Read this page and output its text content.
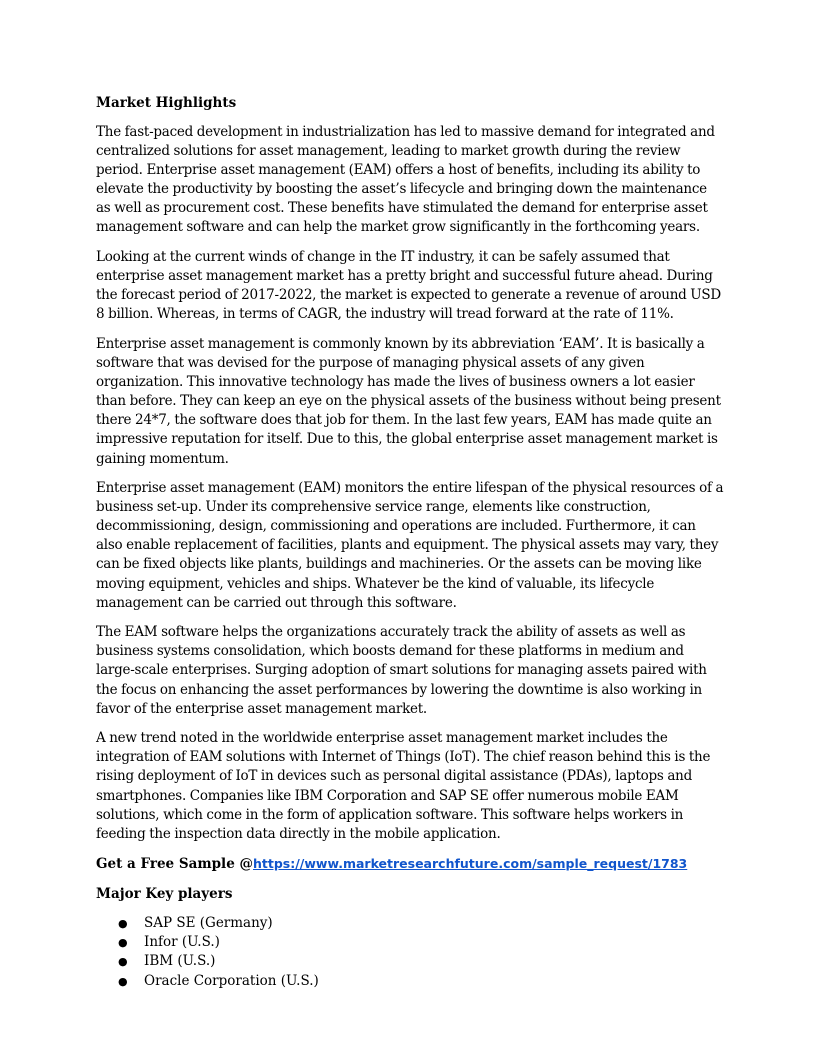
Market Highlights

The fast-paced development in industrialization has led to massive demand for integrated and centralized solutions for asset management, leading to market growth during the review period. Enterprise asset management (EAM) offers a host of benefits, including its ability to elevate the productivity by boosting the asset’s lifecycle and bringing down the maintenance as well as procurement cost. These benefits have stimulated the demand for enterprise asset management software and can help the market grow significantly in the forthcoming years.

Looking at the current winds of change in the IT industry, it can be safely assumed that enterprise asset management market has a pretty bright and successful future ahead. During the forecast period of 2017-2022, the market is expected to generate a revenue of around USD 8 billion. Whereas, in terms of CAGR, the industry will tread forward at the rate of 11%.

Enterprise asset management is commonly known by its abbreviation ‘EAM’. It is basically a software that was devised for the purpose of managing physical assets of any given organization. This innovative technology has made the lives of business owners a lot easier than before. They can keep an eye on the physical assets of the business without being present there 24*7, the software does that job for them. In the last few years, EAM has made quite an impressive reputation for itself. Due to this, the global enterprise asset management market is gaining momentum.

Enterprise asset management (EAM) monitors the entire lifespan of the physical resources of a business set-up. Under its comprehensive service range, elements like construction, decommissioning, design, commissioning and operations are included. Furthermore, it can also enable replacement of facilities, plants and equipment. The physical assets may vary, they can be fixed objects like plants, buildings and machineries. Or the assets can be moving like moving equipment, vehicles and ships. Whatever be the kind of valuable, its lifecycle management can be carried out through this software.

The EAM software helps the organizations accurately track the ability of assets as well as business systems consolidation, which boosts demand for these platforms in medium and large-scale enterprises. Surging adoption of smart solutions for managing assets paired with the focus on enhancing the asset performances by lowering the downtime is also working in favor of the enterprise asset management market.

A new trend noted in the worldwide enterprise asset management market includes the integration of EAM solutions with Internet of Things (IoT). The chief reason behind this is the rising deployment of IoT in devices such as personal digital assistance (PDAs), laptops and smartphones. Companies like IBM Corporation and SAP SE offer numerous mobile EAM solutions, which come in the form of application software. This software helps workers in feeding the inspection data directly in the mobile application.

Get a Free Sample @https://www.marketresearchfuture.com/sample_request/1783
Major Key players
● SAP SE (Germany)
● Infor (U.S.)
● IBM (U.S.)
● Oracle Corporation (U.S.)
